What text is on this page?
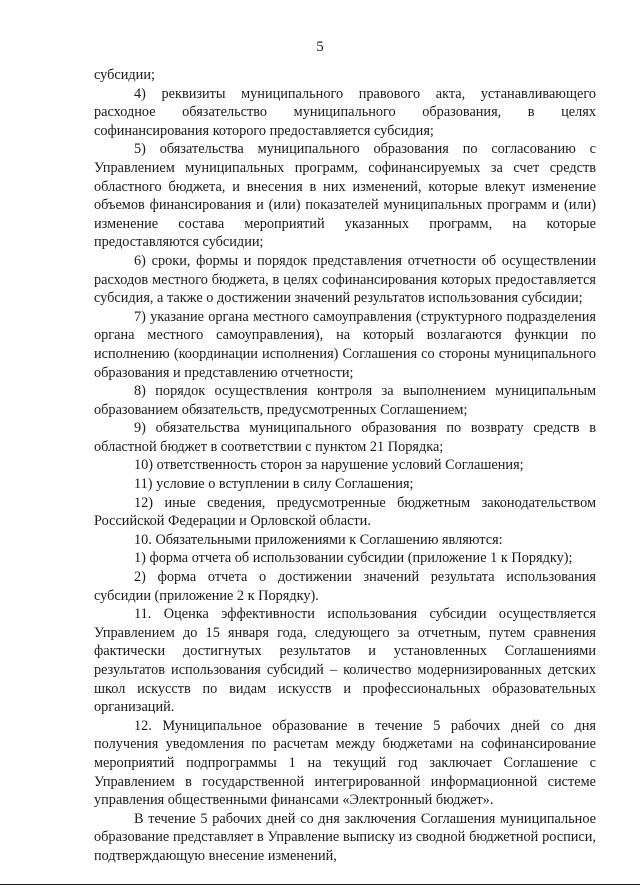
5

субсидии;

4) реквизиты муниципального правового акта, устанавливающего расходное обязательство муниципального образования, в целях софинансирования которого предоставляется субсидия;

5) обязательства муниципального образования по согласованию с Управлением муниципальных программ, софинансируемых за счет средств областного бюджета, и внесения в них изменений, которые влекут изменение объемов финансирования и (или) показателей муниципальных программ и (или) изменение состава мероприятий указанных программ, на которые предоставляются субсидии;

6) сроки, формы и порядок представления отчетности об осуществлении расходов местного бюджета, в целях софинансирования которых предоставляется субсидия, а также о достижении значений результатов использования субсидии;

7) указание органа местного самоуправления (структурного подразделения органа местного самоуправления), на который возлагаются функции по исполнению (координации исполнения) Соглашения со стороны муниципального образования и представлению отчетности;

8) порядок осуществления контроля за выполнением муниципальным образованием обязательств, предусмотренных Соглашением;

9) обязательства муниципального образования по возврату средств в областной бюджет в соответствии с пунктом 21 Порядка;

10) ответственность сторон за нарушение условий Соглашения;

11) условие о вступлении в силу Соглашения;

12) иные сведения, предусмотренные бюджетным законодательством Российской Федерации и Орловской области.

10. Обязательными приложениями к Соглашению являются:

1) форма отчета об использовании субсидии (приложение 1 к Порядку);

2) форма отчета о достижении значений результата использования субсидии (приложение 2 к Порядку).

11. Оценка эффективности использования субсидии осуществляется Управлением до 15 января года, следующего за отчетным, путем сравнения фактически достигнутых результатов и установленных Соглашениями результатов использования субсидий – количество модернизированных детских школ искусств по видам искусств и профессиональных образовательных организаций.

12. Муниципальное образование в течение 5 рабочих дней со дня получения уведомления по расчетам между бюджетами на софинансирование мероприятий подпрограммы 1 на текущий год заключает Соглашение с Управлением в государственной интегрированной информационной системе управления общественными финансами «Электронный бюджет».

В течение 5 рабочих дней со дня заключения Соглашения муниципальное образование представляет в Управление выписку из сводной бюджетной росписи, подтверждающую внесение изменений,
